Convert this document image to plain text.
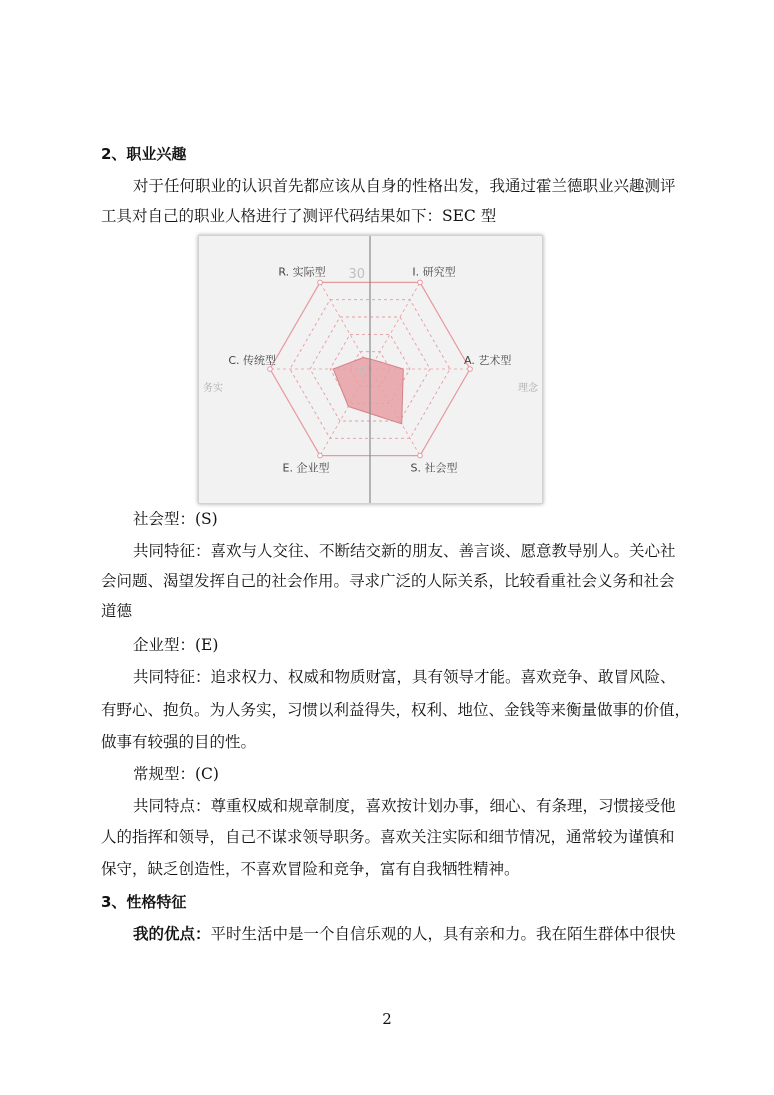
2、职业兴趣
对于任何职业的认识首先都应该从自身的性格出发，我通过霍兰德职业兴趣测评
工具对自己的职业人格进行了测评代码结果如下：SEC 型
R. 实际型	I. 研究型
A. 艺术型
S. 社会型
E. 企业型
C. 传统型
30
0
务实	理念
社会型：(S)
共同特征：喜欢与人交往、不断结交新的朋友、善言谈、愿意教导别人。关心社
会问题、渴望发挥自己的社会作用。寻求广泛的人际关系，比较看重社会义务和社会
道德
企业型：(E)
共同特征：追求权力、权威和物质财富，具有领导才能。喜欢竞争、敢冒风险、
有野心、抱负。为人务实，习惯以利益得失，权利、地位、金钱等来衡量做事的价值，
做事有较强的目的性。
常规型：(C)
共同特点：尊重权威和规章制度，喜欢按计划办事，细心、有条理，习惯接受他
人的指挥和领导，自己不谋求领导职务。喜欢关注实际和细节情况，通常较为谨慎和
保守，缺乏创造性，不喜欢冒险和竞争，富有自我牺牲精神。
3、性格特征
我的优点：平时生活中是一个自信乐观的人，具有亲和力。我在陌生群体中很快
2
